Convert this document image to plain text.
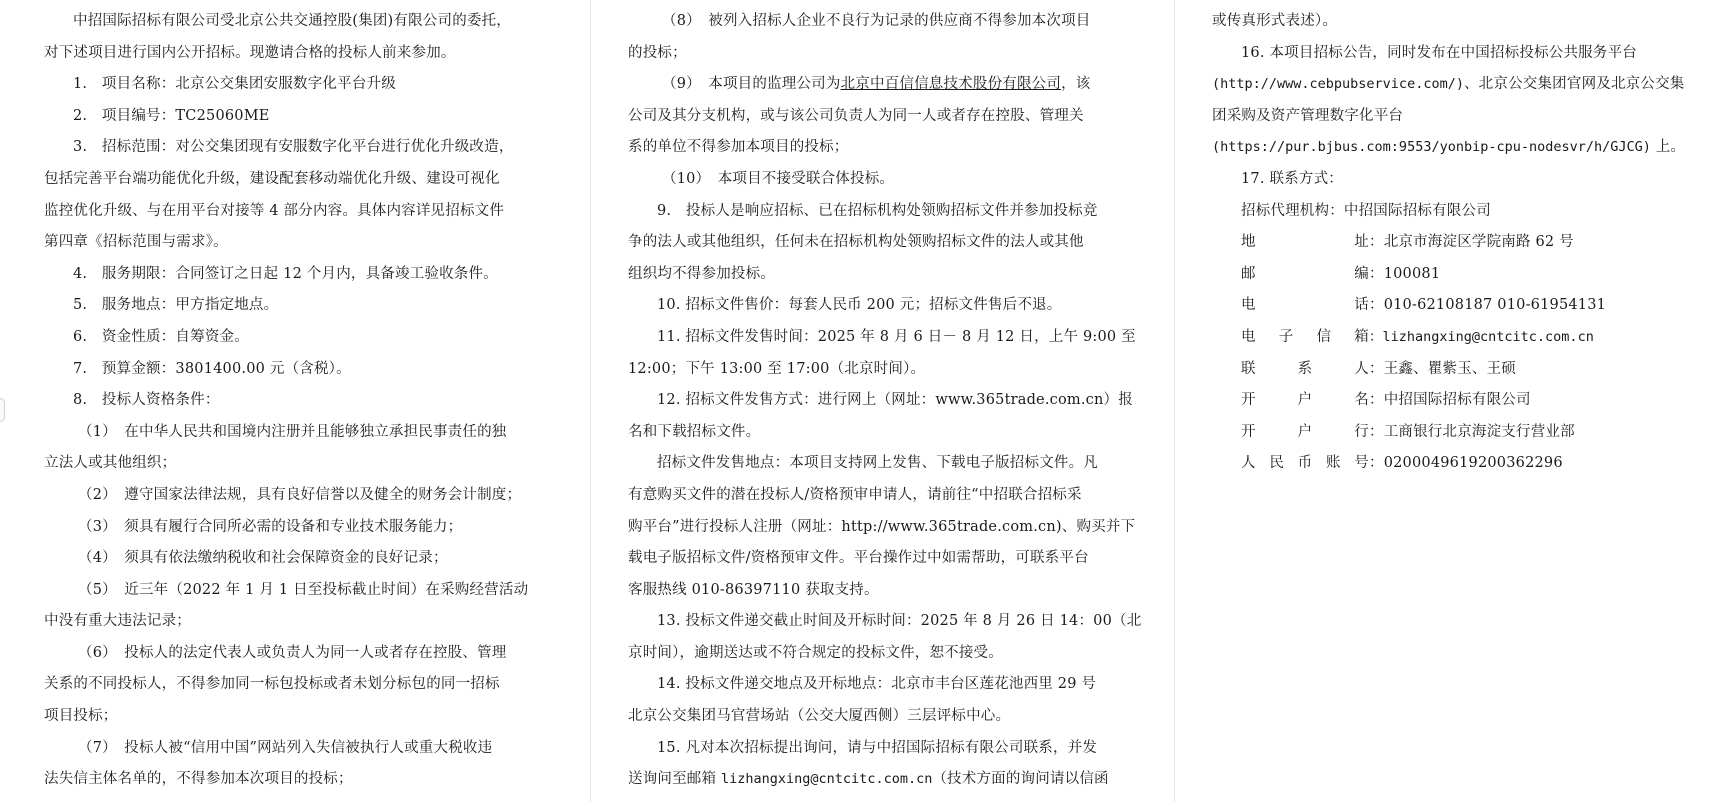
中招国际招标有限公司受北京公共交通控股(集团)有限公司的委托，
对下述项目进行国内公开招标。现邀请合格的投标人前来参加。
1.　项目名称：北京公交集团安服数字化平台升级
2.　项目编号：TC25060ME
3.　招标范围：对公交集团现有安服数字化平台进行优化升级改造，
包括完善平台端功能优化升级，建设配套移动端优化升级、建设可视化
监控优化升级、与在用平台对接等 4 部分内容。具体内容详见招标文件
第四章《招标范围与需求》。
4.　服务期限：合同签订之日起 12 个月内，具备竣工验收条件。
5.　服务地点：甲方指定地点。
6.　资金性质：自筹资金。
7.　预算金额：3801400.00 元（含税）。
8.　投标人资格条件：
（1）　在中华人民共和国境内注册并且能够独立承担民事责任的独
立法人或其他组织；
（2）　遵守国家法律法规，具有良好信誉以及健全的财务会计制度；
（3）　须具有履行合同所必需的设备和专业技术服务能力；
（4）　须具有依法缴纳税收和社会保障资金的良好记录；
（5）　近三年（2022 年 1 月 1 日至投标截止时间）在采购经营活动
中没有重大违法记录；
（6）　投标人的法定代表人或负责人为同一人或者存在控股、管理
关系的不同投标人，不得参加同一标包投标或者未划分标包的同一招标
项目投标；
（7）　投标人被“信用中国”网站列入失信被执行人或重大税收违
法失信主体名单的，不得参加本次项目的投标；
（8）　被列入招标人企业不良行为记录的供应商不得参加本次项目
的投标；
（9）　本项目的监理公司为北京中百信信息技术股份有限公司，该
公司及其分支机构，或与该公司负责人为同一人或者存在控股、管理关
系的单位不得参加本项目的投标；
（10）　本项目不接受联合体投标。
9.　投标人是响应招标、已在招标机构处领购招标文件并参加投标竞
争的法人或其他组织，任何未在招标机构处领购招标文件的法人或其他
组织均不得参加投标。
10. 招标文件售价：每套人民币 200 元；招标文件售后不退。
11. 招标文件发售时间：2025 年 8 月 6 日－ 8 月 12 日，上午 9:00 至
12:00；下午 13:00 至 17:00（北京时间）。
12. 招标文件发售方式：进行网上（网址：www.365trade.com.cn）报
名和下载招标文件。
招标文件发售地点：本项目支持网上发售、下载电子版招标文件。凡
有意购买文件的潜在投标人/资格预审申请人，请前往“中招联合招标采
购平台”进行投标人注册（网址：http://www.365trade.com.cn)、购买并下
载电子版招标文件/资格预审文件。平台操作过中如需帮助，可联系平台
客服热线 010-86397110 获取支持。
13. 投标文件递交截止时间及开标时间：2025 年 8 月 26 日 14：00（北
京时间），逾期送达或不符合规定的投标文件，恕不接受。
14. 投标文件递交地点及开标地点：北京市丰台区莲花池西里 29 号
北京公交集团马官营场站（公交大厦西侧）三层评标中心。
15. 凡对本次招标提出询问，请与中招国际招标有限公司联系，并发
送询问至邮箱 lizhangxing@cntcitc.com.cn（技术方面的询问请以信函
或传真形式表述）。
16. 本项目招标公告，同时发布在中国招标投标公共服务平台
(http://www.cebpubservice.com/)、北京公交集团官网及北京公交集
团采购及资产管理数字化平台
(https://pur.bjbus.com:9553/yonbip-cpu-nodesvr/h/GJCG) 上。
17. 联系方式：
招标代理机构：中招国际招标有限公司
地	址 ：北京市海淀区学院南路 62 号
邮	编 ：100081
电	话 ：010-62108187 010-61954131
电 子 信 箱 ：lizhangxing@cntcitc.com.cn
联	系	人 ：王鑫、瞿紫玉、王硕
开	户	名 ：中招国际招标有限公司
开	户	行 ：工商银行北京海淀支行营业部
人 民 币 账 号 ：0200049619200362296
